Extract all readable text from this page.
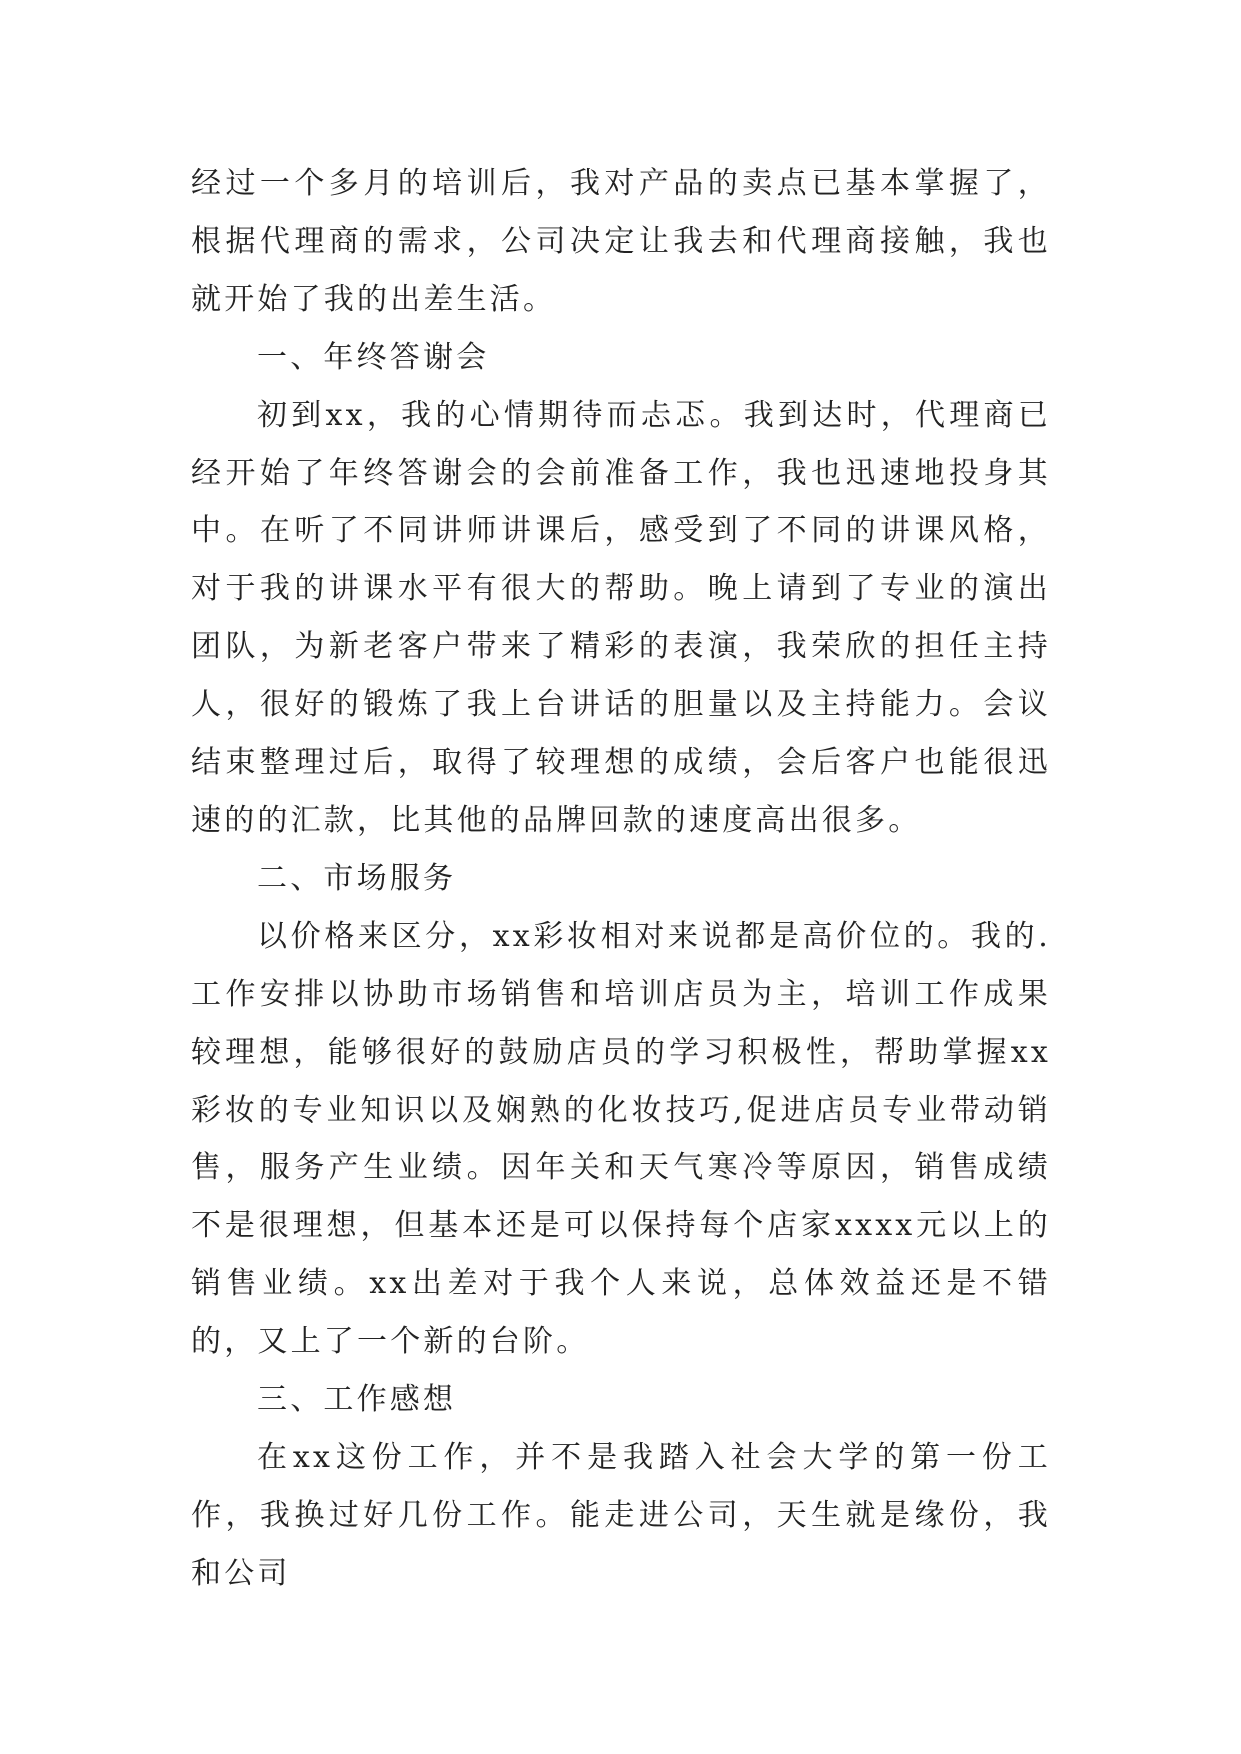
经过一个多月的培训后，我对产品的卖点已基本掌握了，根据代理商的需求，公司决定让我去和代理商接触，我也就开始了我的出差生活。

一、年终答谢会

初到xx，我的心情期待而忐忑。我到达时，代理商已经开始了年终答谢会的会前准备工作，我也迅速地投身其中。在听了不同讲师讲课后，感受到了不同的讲课风格，对于我的讲课水平有很大的帮助。晚上请到了专业的演出团队，为新老客户带来了精彩的表演，我荣欣的担任主持人，很好的锻炼了我上台讲话的胆量以及主持能力。会议结束整理过后，取得了较理想的成绩，会后客户也能很迅速的的汇款，比其他的品牌回款的速度高出很多。

二、市场服务

以价格来区分，xx彩妆相对来说都是高价位的。我的.工作安排以协助市场销售和培训店员为主，培训工作成果较理想，能够很好的鼓励店员的学习积极性，帮助掌握xx彩妆的专业知识以及娴熟的化妆技巧,促进店员专业带动销售，服务产生业绩。因年关和天气寒冷等原因，销售成绩不是很理想，但基本还是可以保持每个店家xxxx元以上的销售业绩。xx出差对于我个人来说，总体效益还是不错的，又上了一个新的台阶。

三、工作感想

在xx这份工作，并不是我踏入社会大学的第一份工作，我换过好几份工作。能走进公司，天生就是缘份，我和公司
